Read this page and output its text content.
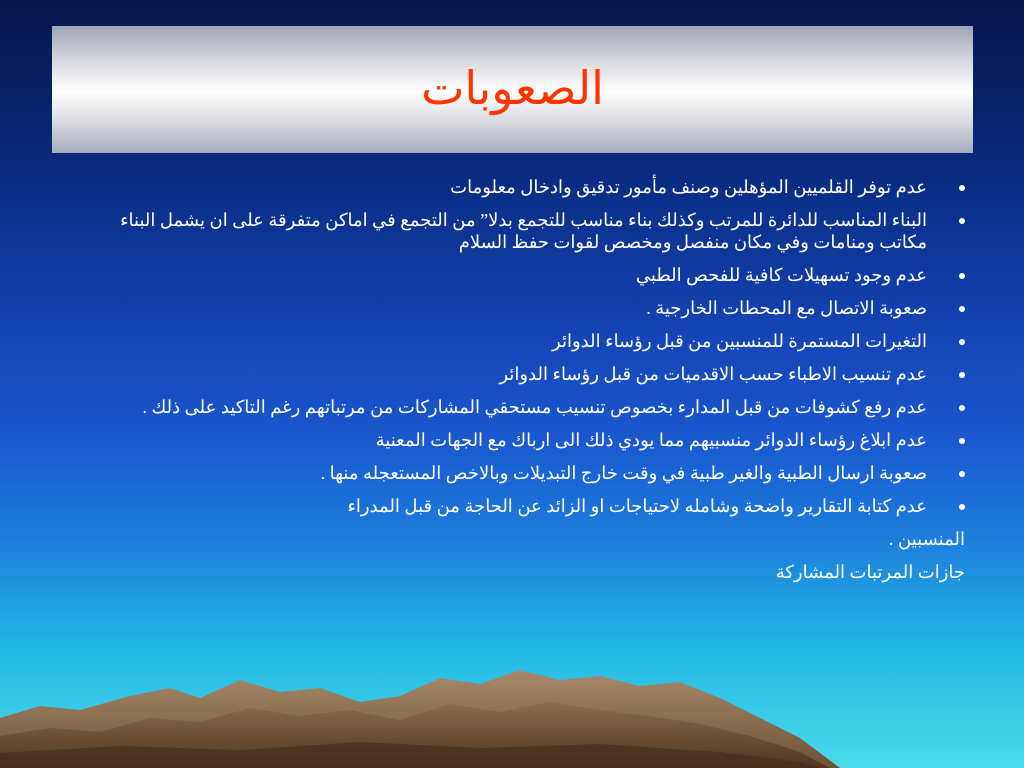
الصعوبات
عدم توفر القلميين المؤهلين وصنف مأمور تدقيق وادخال معلومات
البناء المناسب للدائرة للمرتب وكذلك بناء مناسب للتجمع بدلا” من التجمع في اماكن متفرقة على ان يشمل البناء مكاتب ومنامات وفي مكان منفصل ومخصص لقوات حفظ السلام
عدم وجود تسهيلات كافية للفحص الطبي
صعوبة الاتصال مع المحطات الخارجية .
التغيرات المستمرة للمنسبين من قبل رؤساء الدوائر
عدم تنسيب الاطباء حسب الاقدميات من قبل رؤساء الدوائر
عدم رفع كشوفات من قبل المدارء بخصوص تنسيب مستحقي المشاركات من مرتباتهم رغم التاكيد على ذلك .
عدم ابلاغ رؤساء الدوائر منسبيهم مما يودي ذلك الى ارباك مع الجهات المعنية
صعوبة ارسال الطبية والغير طبية في وقت خارج التبديلات وبالاخص المستعجله منها .
عدم كتابة التقارير واضحة وشامله لاحتياجات او الزائد عن الحاجة من قبل المدراء

المنسبين .

جازات المرتبات المشاركة
